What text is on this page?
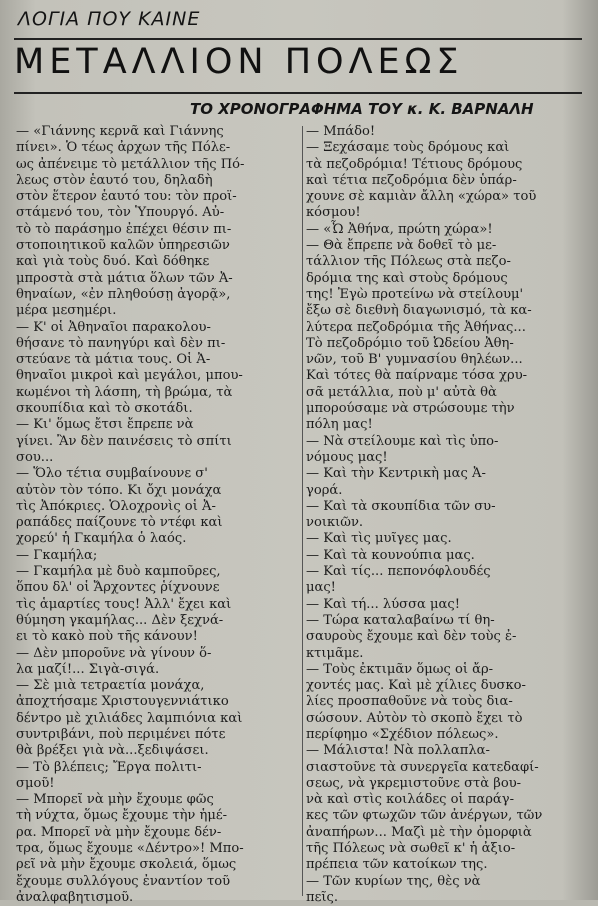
ΛΟΓΙΑ ΠΟΥ ΚΑΙΝΕ
ΜΕΤΑΛΛΙΟΝ ΠΟΛΕΩΣ
ΤΟ ΧΡΟΝΟΓΡΑΦΗΜΑ ΤΟΥ κ. Κ. ΒΑΡΝΑΛΗ
— «Γιάννης κερνᾶ καὶ Γιάννης
πίνει». Ὁ τέως ἀρχων τῆς Πόλε-
ως ἀπένειμε τὸ μετάλλιον τῆς Πό-
λεως στὸν ἑαυτό του, δηλαδὴ
στὸν ἕτερον ἑαυτό του: τὸν προϊ-
στάμενό του, τὸν Ὑπουργό. Αὐ-
τὸ τὸ παράσημο ἐπέχει θέσιν πι-
στοποιητικοῦ καλῶν ὑπηρεσιῶν
καὶ γιὰ τοὺς δυό. Καὶ δόθηκε
μπροστὰ στὰ μάτια ὅλων τῶν Ἀ-
θηναίων, «ἐν πληθούσῃ ἀγορᾷ»,
μέρα μεσημέρι.
— Κ' οἱ Ἀθηναῖοι παρακολου-
θήσανε τὸ πανηγύρι καὶ δὲν πι-
στεύανε τὰ μάτια τους. Οἱ Ἀ-
θηναῖοι μικροὶ καὶ μεγάλοι, μπου-
κωμένοι τὴ λάσπη, τὴ βρώμα, τὰ
σκουπίδια καὶ τὸ σκοτάδι.
— Κι' ὅμως ἔτσι ἔπρεπε νὰ
γίνει. Ἂν δὲν παινέσεις τὸ σπίτι
σου...
— Ὅλο τέτια συμβαίνουνε σ'
αὐτὸν τὸν τόπο. Κι ὄχι μονάχα
τὶς Ἀπόκριες. Ὁλοχρονὶς οἱ Ἀ-
ραπάδες παίζουνε τὸ ντέφι καὶ
χορεύ' ἡ Γκαμήλα ὁ λαός.
— Γκαμήλα;
— Γκαμήλα μὲ δυὸ καμποῦρες,
ὅπου δλ' οἱ Ἄρχοντες ῥίχνουνε
τὶς ἁμαρτίες τους! Ἀλλ' ἔχει καὶ
θύμηση γκαμήλας... Δὲν ξεχνά-
ει τὸ κακὸ ποὺ τῆς κάνουν!
— Δὲν μποροῦνε νὰ γίνουν ὅ-
λα μαζί!... Σιγὰ-σιγά.
— Σὲ μιὰ τετραετία μονάχα,
ἀποχτήσαμε Χριστουγεννιάτικο
δέντρο μὲ χιλιάδες λαμπιόνια καὶ
συντριβάνι, ποὺ περιμένει πότε
θὰ βρέξει γιὰ νὰ...ξεδιψάσει.
— Τὸ βλέπεις; Ἔργα πολιτι-
σμοῦ!
— Μπορεῖ νὰ μὴν ἔχουμε φῶς
τὴ νύχτα, ὅμως ἔχουμε τὴν ἡμέ-
ρα. Μπορεῖ νὰ μὴν ἔχουμε δέν-
τρα, ὅμως ἔχουμε «Δέντρο»! Μπο-
ρεῖ νὰ μὴν ἔχουμε σκολειά, ὅμως
ἔχουμε συλλόγους ἐναντίον τοῦ
ἀναλφαβητισμοῦ.
— Μπάδο!
— Ξεχάσαμε τοὺς δρόμους καὶ
τὰ πεζοδρόμια! Τέτιους δρόμους
καὶ τέτια πεζοδρόμια δὲν ὑπάρ-
χουνε σὲ καμιὰν ἄλλη «χώρα» τοῦ
κόσμου!
— «Ὦ Ἀθήνα, πρώτη χώρα»!
— Θὰ ἔπρεπε νὰ δοθεῖ τὸ με-
τάλλιον τῆς Πόλεως στὰ πεζο-
δρόμια της καὶ στοὺς δρόμους
της! Ἐγὼ προτείνω νὰ στείλουμ'
ἔξω σὲ διεθνὴ διαγωνισμό, τὰ κα-
λύτερα πεζοδρόμια τῆς Ἀθήνας...
Τὸ πεζοδρόμιο τοῦ Ὠδείου Ἀθη-
νῶν, τοῦ Β' γυμνασίου θηλέων...
Καὶ τότες θὰ παίρναμε τόσα χρυ-
σᾶ μετάλλια, ποὺ μ' αὐτὰ θὰ
μπορούσαμε νὰ στρώσουμε τὴν
πόλη μας!
— Νὰ στείλουμε καὶ τὶς ὑπο-
νόμους μας!
— Καὶ τὴν Κεντρικὴ μας Ἀ-
γορά.
— Καὶ τὰ σκουπίδια τῶν συ-
νοικιῶν.
— Καὶ τὶς μυῖγες μας.
— Καὶ τὰ κουνούπια μας.
— Καὶ τίς... πεπονόφλουδές
μας!
— Καὶ τή... λύσσα μας!
— Τώρα καταλαβαίνω τί θη-
σαυροὺς ἔχουμε καὶ δὲν τοὺς ἐ-
κτιμᾶμε.
— Τοὺς ἐκτιμᾶν ὅμως οἱ ἄρ-
χοντές μας. Καὶ μὲ χίλιες δυσκο-
λίες προσπαθοῦνε νὰ τοὺς δια-
σώσουν. Αὐτὸν τὸ σκοπὸ ἔχει τὸ
περίφημο «Σχέδιον πόλεως».
— Μάλιστα! Νὰ πολλαπλα-
σιαστοῦνε τὰ συνεργεῖα κατεδαφί-
σεως, νὰ γκρεμιστοῦνε στὰ βου-
νὰ καὶ στὶς κοιλάδες οἱ παράγ-
κες τῶν φτωχῶν τῶν ἀνέργων, τῶν
ἀναπήρων... Μαζὶ μὲ τὴν ὀμορφιὰ
τῆς Πόλεως νὰ σωθεῖ κ' ἡ ἀξιο-
πρέπεια τῶν κατοίκων της.
— Τῶν κυρίων της, θὲς νὰ
πεῖς.
